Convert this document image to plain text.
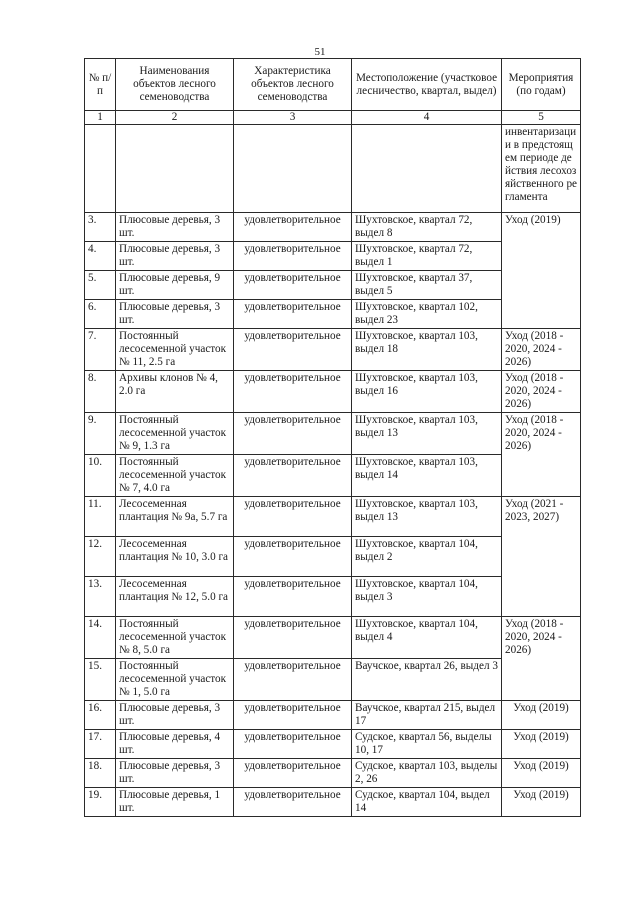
51
№ п/п	Наименования объектов лесного семеноводства	Характеристика объектов лесного семеноводства	Местоположение (участковое лесничество, квартал, выдел)	Мероприятия (по годам)
1	2	3	4	5
				инвентаризации в предстоящем периоде действия лесохозяйственного регламента
3.	Плюсовые деревья, 3 шт.	удовлетворительное	Шухтовское, квартал 72, выдел 8	Уход (2019)
4.	Плюсовые деревья, 3 шт.	удовлетворительное	Шухтовское, квартал 72, выдел 1	
5.	Плюсовые деревья, 9 шт.	удовлетворительное	Шухтовское, квартал 37, выдел 5	
6.	Плюсовые деревья, 3 шт.	удовлетворительное	Шухтовское, квартал 102, выдел 23	
7.	Постоянный лесосеменной участок № 11, 2.5 га	удовлетворительное	Шухтовское, квартал 103, выдел 18	Уход (2018 - 2020, 2024 - 2026)
8.	Архивы клонов № 4, 2.0 га	удовлетворительное	Шухтовское, квартал 103, выдел 16	Уход (2018 - 2020, 2024 - 2026)
9.	Постоянный лесосеменной участок № 9, 1.3 га	удовлетворительное	Шухтовское, квартал 103, выдел 13	Уход (2018 - 2020, 2024 - 2026)
10.	Постоянный лесосеменной участок № 7, 4.0 га	удовлетворительное	Шухтовское, квартал 103, выдел 14	
11.	Лесосеменная плантация № 9а, 5.7 га	удовлетворительное	Шухтовское, квартал 103, выдел 13	Уход (2021 - 2023, 2027)
12.	Лесосеменная плантация № 10, 3.0 га	удовлетворительное	Шухтовское, квартал 104, выдел 2	
13.	Лесосеменная плантация № 12, 5.0 га	удовлетворительное	Шухтовское, квартал 104, выдел 3	
14.	Постоянный лесосеменной участок № 8, 5.0 га	удовлетворительное	Шухтовское, квартал 104, выдел 4	Уход (2018 - 2020, 2024 - 2026)
15.	Постоянный лесосеменной участок № 1, 5.0 га	удовлетворительное	Ваучское, квартал 26, выдел 3	
16.	Плюсовые деревья, 3 шт.	удовлетворительное	Ваучское, квартал 215, выдел 17	Уход (2019)
17.	Плюсовые деревья, 4 шт.	удовлетворительное	Судское, квартал 56, выделы 10, 17	Уход (2019)
18.	Плюсовые деревья, 3 шт.	удовлетворительное	Судское, квартал 103, выделы 2, 26	Уход (2019)
19.	Плюсовые деревья, 1 шт.	удовлетворительное	Судское, квартал 104, выдел 14	Уход (2019)
